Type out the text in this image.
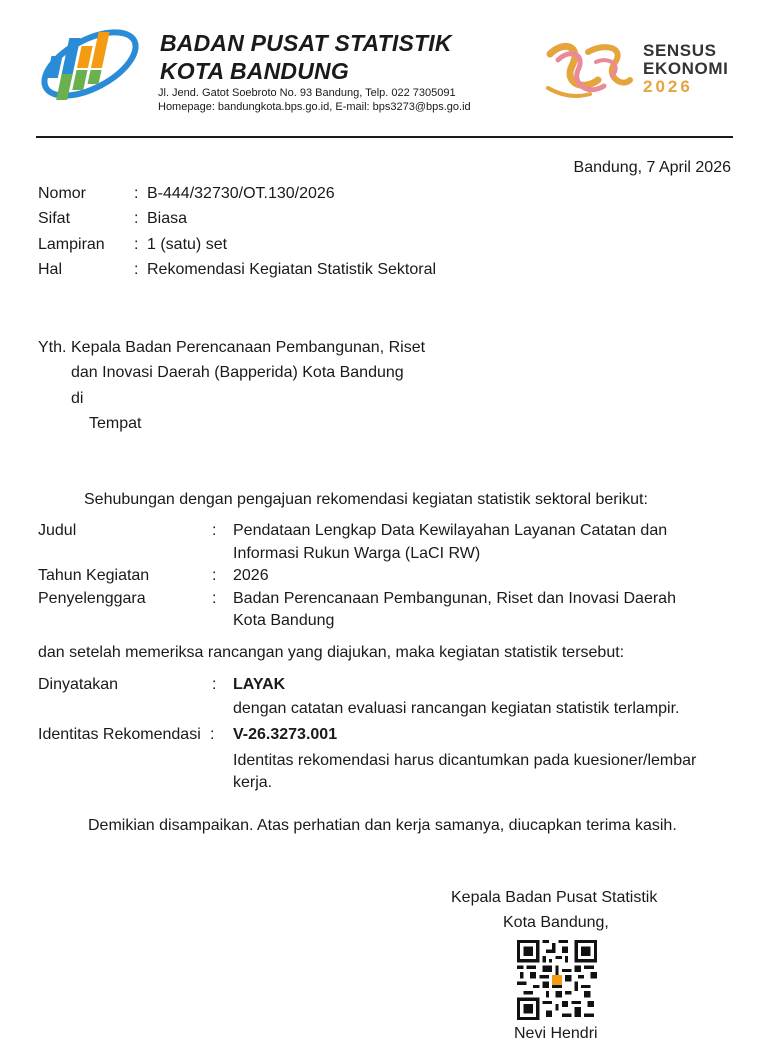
BADAN PUSAT STATISTIK
KOTA BANDUNG
Jl. Jend. Gatot Soebroto No. 93 Bandung, Telp. 022 7305091
Homepage: bandungkota.bps.go.id, E-mail: bps3273@bps.go.id
SENSUS
EKONOMI
2026
Bandung, 7 April 2026
Nomor	: B-444/32730/OT.130/2026
Sifat	: Biasa
Lampiran : 1 (satu) set
Hal	: Rekomendasi Kegiatan Statistik Sektoral
Yth. Kepala Badan Perencanaan Pembangunan, Riset
dan Inovasi Daerah (Bapperida) Kota Bandung
di
Tempat
Sehubungan dengan pengajuan rekomendasi kegiatan statistik sektoral berikut:
Judul	: Pendataan Lengkap Data Kewilayahan Layanan Catatan dan
Informasi Rukun Warga (LaCI RW)
Tahun Kegiatan	: 2026
Penyelenggara	: Badan Perencanaan Pembangunan, Riset dan Inovasi Daerah
Kota Bandung
dan setelah memeriksa rancangan yang diajukan, maka kegiatan statistik tersebut:
Dinyatakan	: LAYAK
dengan catatan evaluasi rancangan kegiatan statistik terlampir.
Identitas Rekomendasi : V-26.3273.001
Identitas rekomendasi harus dicantumkan pada kuesioner/lembar
kerja.
Demikian disampaikan. Atas perhatian dan kerja samanya, diucapkan terima kasih.
Kepala Badan Pusat Statistik
Kota Bandung,
Nevi Hendri
